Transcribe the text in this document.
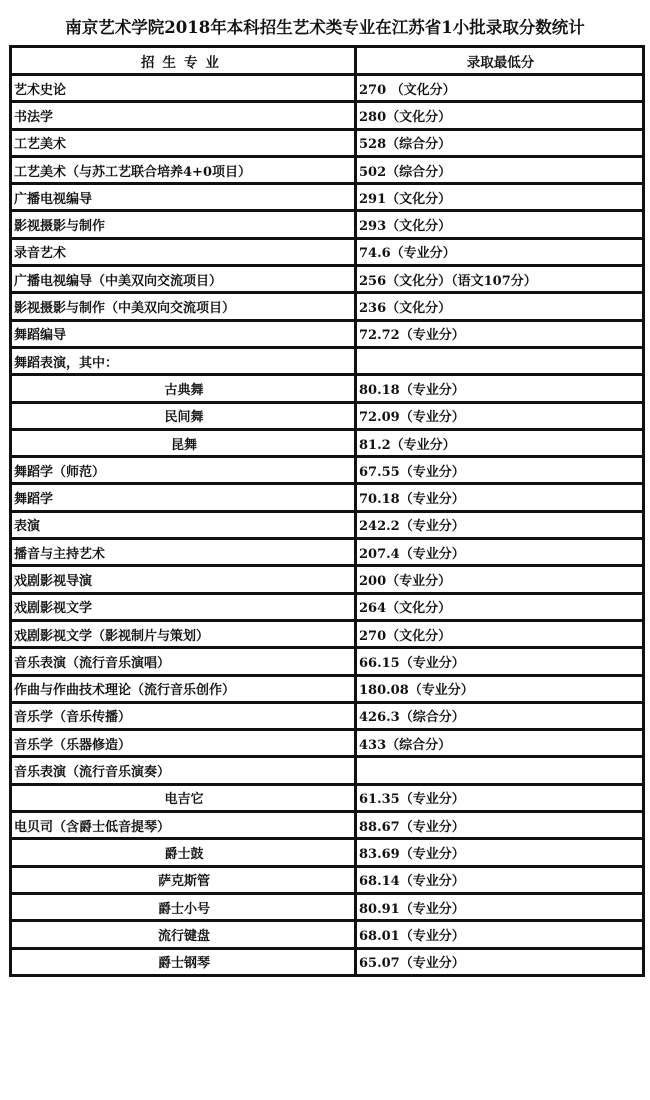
南京艺术学院2018年本科招生艺术类专业在江苏省1小批录取分数统计
招生专业	录取最低分
艺术史论	270 （文化分）
书法学	280（文化分）
工艺美术	528（综合分）
工艺美术（与苏工艺联合培养4+0项目）	502（综合分）
广播电视编导	291（文化分）
影视摄影与制作	293（文化分）
录音艺术	74.6（专业分）
广播电视编导（中美双向交流项目）	256（文化分）（语文107分）
影视摄影与制作（中美双向交流项目）	236（文化分）
舞蹈编导	72.72（专业分）
舞蹈表演，其中：	
古典舞	80.18（专业分）
民间舞	72.09（专业分）
昆舞	81.2（专业分）
舞蹈学（师范）	67.55（专业分）
舞蹈学	70.18（专业分）
表演	242.2（专业分）
播音与主持艺术	207.4（专业分）
戏剧影视导演	200（专业分）
戏剧影视文学	264（文化分）
戏剧影视文学（影视制片与策划）	270（文化分）
音乐表演（流行音乐演唱）	66.15（专业分）
作曲与作曲技术理论（流行音乐创作）	180.08（专业分）
音乐学（音乐传播）	426.3（综合分）
音乐学（乐器修造）	433（综合分）
音乐表演（流行音乐演奏）	
电吉它	61.35（专业分）
电贝司（含爵士低音提琴）	88.67（专业分）
爵士鼓	83.69（专业分）
萨克斯管	68.14（专业分）
爵士小号	80.91（专业分）
流行键盘	68.01（专业分）
爵士钢琴	65.07（专业分）
